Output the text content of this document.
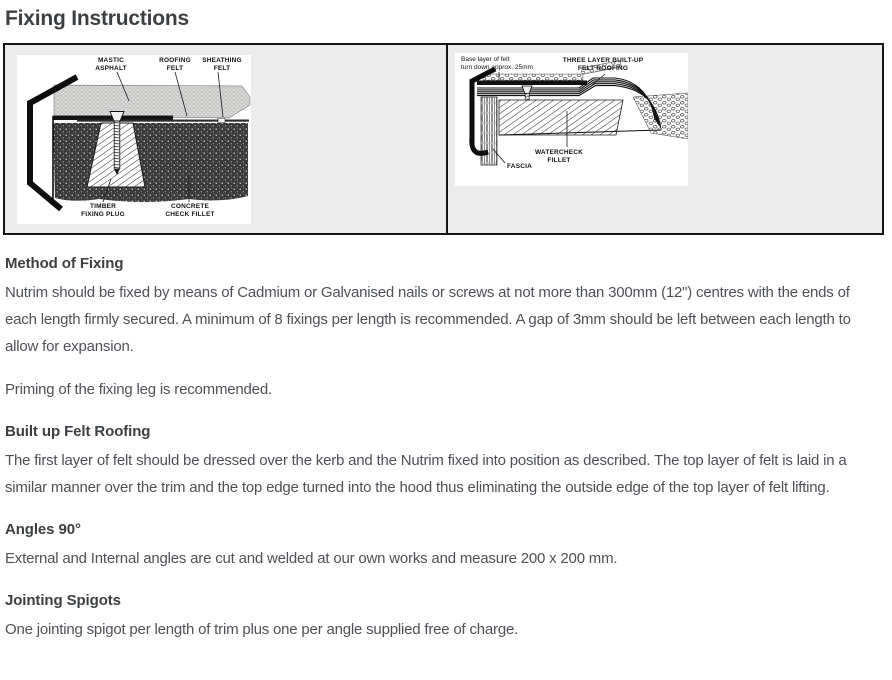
Fixing Instructions
MASTIC ASPHALT
ROOFING FELT
SHEATHING FELT
TIMBER FIXING PLUG
CONCRETE CHECK FILLET
Base layer of felt
turn down approx. 25mm
THREE LAYER BUILT-UP FELT ROOFING
WATERCHECK FILLET
FASCIA
Method of Fixing

Nutrim should be fixed by means of Cadmium or Galvanised nails or screws at not more than 300mm (12") centres with the ends of each length firmly secured. A minimum of 8 fixings per length is recommended. A gap of 3mm should be left between each length to allow for expansion.

Priming of the fixing leg is recommended.

Built up Felt Roofing

The first layer of felt should be dressed over the kerb and the Nutrim fixed into position as described. The top layer of felt is laid in a similar manner over the trim and the top edge turned into the hood thus eliminating the outside edge of the top layer of felt lifting.

Angles 90°

External and Internal angles are cut and welded at our own works and measure 200 x 200 mm.

Jointing Spigots

One jointing spigot per length of trim plus one per angle supplied free of charge.
